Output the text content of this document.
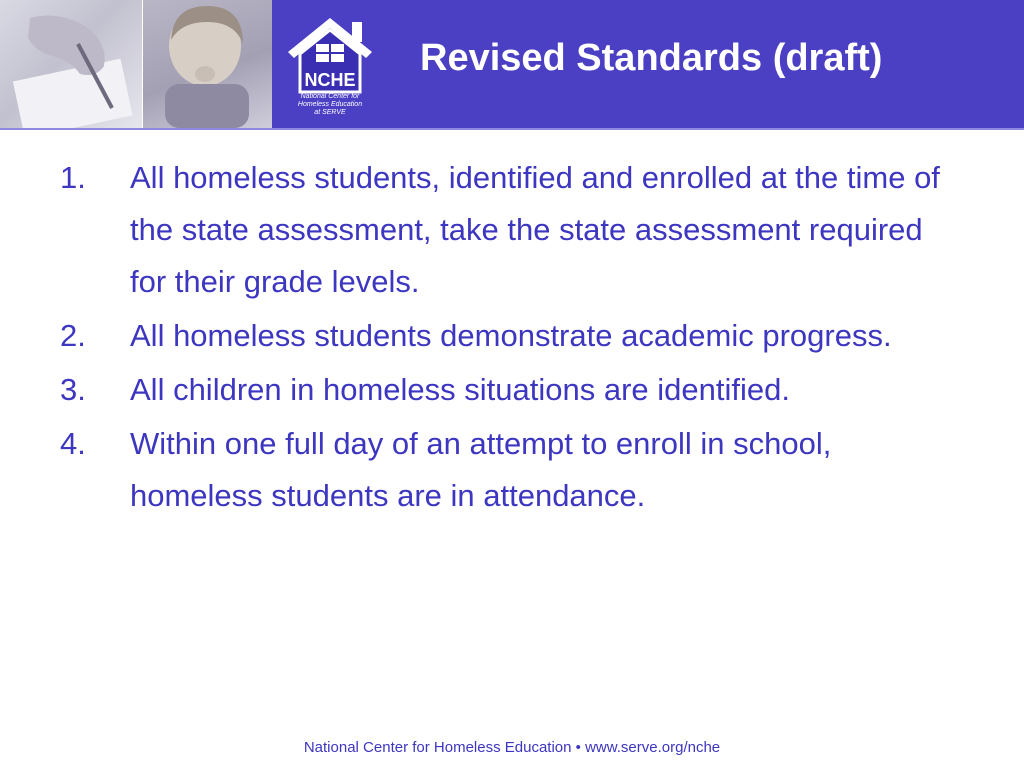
NCHE
National Center for
Homeless Education
at SERVE
Revised Standards (draft)
1.	All homeless students, identified and enrolled at the time of the state assessment, take the state assessment required for their grade levels.
2.	All homeless students demonstrate academic progress.
3.	All children in homeless situations are identified.
4.	Within one full day of an attempt to enroll in school, homeless students are in attendance.
National Center for Homeless Education • www.serve.org/nche
